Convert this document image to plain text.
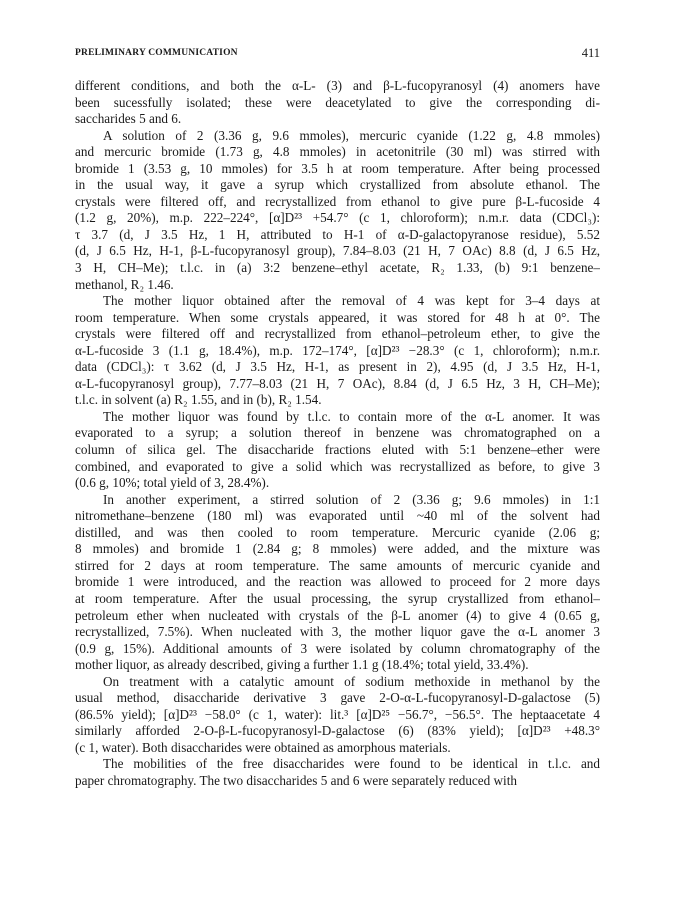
PRELIMINARY COMMUNICATION	411
different conditions, and both the α-L- (3) and β-L-fucopyranosyl (4) anomers have
been sucessfully isolated; these were deacetylated to give the corresponding di-
saccharides 5 and 6.
A solution of 2 (3.36 g, 9.6 mmoles), mercuric cyanide (1.22 g, 4.8 mmoles)
and mercuric bromide (1.73 g, 4.8 mmoles) in acetonitrile (30 ml) was stirred with
bromide 1 (3.53 g, 10 mmoles) for 3.5 h at room temperature. After being processed
in the usual way, it gave a syrup which crystallized from absolute ethanol. The
crystals were filtered off, and recrystallized from ethanol to give pure β-L-fucoside 4
(1.2 g, 20%), m.p. 222–224°, [α]D²³ +54.7° (c 1, chloroform); n.m.r. data (CDCl₃):
τ 3.7 (d, J 3.5 Hz, 1 H, attributed to H-1 of α-D-galactopyranose residue), 5.52
(d, J 6.5 Hz, H-1, β-L-fucopyranosyl group), 7.84–8.03 (21 H, 7 OAc) 8.8 (d, J 6.5 Hz,
3 H, CH–Me); t.l.c. in (a) 3:2 benzene–ethyl acetate, R₂ 1.33, (b) 9:1 benzene–
methanol, R₂ 1.46.
The mother liquor obtained after the removal of 4 was kept for 3–4 days at
room temperature. When some crystals appeared, it was stored for 48 h at 0°. The
crystals were filtered off and recrystallized from ethanol–petroleum ether, to give the
α-L-fucoside 3 (1.1 g, 18.4%), m.p. 172–174°, [α]D²³ −28.3° (c 1, chloroform); n.m.r.
data (CDCl₃): τ 3.62 (d, J 3.5 Hz, H-1, as present in 2), 4.95 (d, J 3.5 Hz, H-1,
α-L-fucopyranosyl group), 7.77–8.03 (21 H, 7 OAc), 8.84 (d, J 6.5 Hz, 3 H, CH–Me);
t.l.c. in solvent (a) R₂ 1.55, and in (b), R₂ 1.54.
The mother liquor was found by t.l.c. to contain more of the α-L anomer. It was
evaporated to a syrup; a solution thereof in benzene was chromatographed on a
column of silica gel. The disaccharide fractions eluted with 5:1 benzene–ether were
combined, and evaporated to give a solid which was recrystallized as before, to give 3
(0.6 g, 10%; total yield of 3, 28.4%).
In another experiment, a stirred solution of 2 (3.36 g; 9.6 mmoles) in 1:1
nitromethane–benzene (180 ml) was evaporated until ~40 ml of the solvent had
distilled, and was then cooled to room temperature. Mercuric cyanide (2.06 g;
8 mmoles) and bromide 1 (2.84 g; 8 mmoles) were added, and the mixture was
stirred for 2 days at room temperature. The same amounts of mercuric cyanide and
bromide 1 were introduced, and the reaction was allowed to proceed for 2 more days
at room temperature. After the usual processing, the syrup crystallized from ethanol–
petroleum ether when nucleated with crystals of the β-L anomer (4) to give 4 (0.65 g,
recrystallized, 7.5%). When nucleated with 3, the mother liquor gave the α-L anomer 3
(0.9 g, 15%). Additional amounts of 3 were isolated by column chromatography of the
mother liquor, as already described, giving a further 1.1 g (18.4%; total yield, 33.4%).
On treatment with a catalytic amount of sodium methoxide in methanol by the
usual method, disaccharide derivative 3 gave 2-O-α-L-fucopyranosyl-D-galactose (5)
(86.5% yield); [α]D²³ −58.0° (c 1, water): lit.³ [α]D²⁵ −56.7°, −56.5°. The heptaacetate 4
similarly afforded 2-O-β-L-fucopyranosyl-D-galactose (6) (83% yield); [α]D²³ +48.3°
(c 1, water). Both disaccharides were obtained as amorphous materials.
The mobilities of the free disaccharides were found to be identical in t.l.c. and
paper chromatography. The two disaccharides 5 and 6 were separately reduced with
